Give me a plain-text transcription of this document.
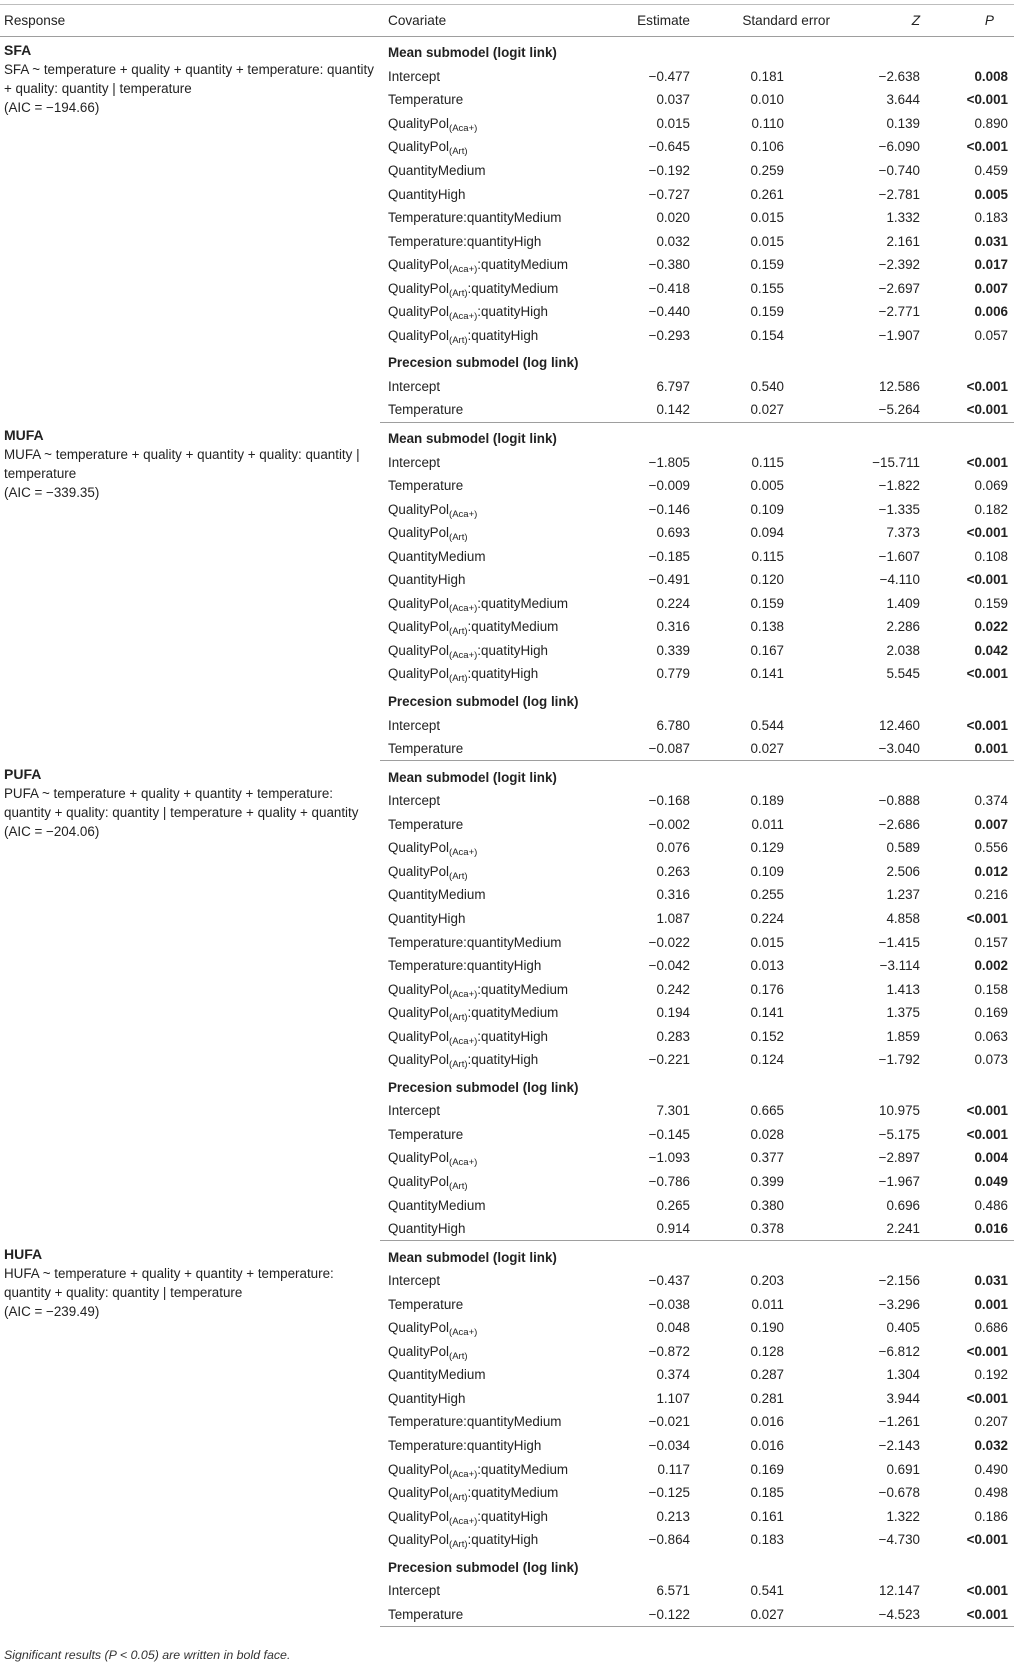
Response	Covariate	Estimate	Standard error	Z	P

SFA
SFA ~ temperature + quality + quantity + temperature: quantity + quality: quantity | temperature
(AIC = −194.66)	Mean submodel (logit link)				
	Intercept	−0.477	0.181	−2.638	0.008
	Temperature	0.037	0.010	3.644	<0.001
	QualityPol$_{(Aca+)}$	0.015	0.110	0.139	0.890
	QualityPol$_{(Art)}$	−0.645	0.106	−6.090	<0.001
	QuantityMedium	−0.192	0.259	−0.740	0.459
	QuantityHigh	−0.727	0.261	−2.781	0.005
	Temperature:quantityMedium	0.020	0.015	1.332	0.183
	Temperature:quantityHigh	0.032	0.015	2.161	0.031
	QualityPol$_{(Aca+)}$:quatityMedium	−0.380	0.159	−2.392	0.017
	QualityPol$_{(Art)}$:quatityMedium	−0.418	0.155	−2.697	0.007
	QualityPol$_{(Aca+)}$:quatityHigh	−0.440	0.159	−2.771	0.006
	QualityPol$_{(Art)}$:quatityHigh	−0.293	0.154	−1.907	0.057
	Precesion submodel (log link)				
	Intercept	6.797	0.540	12.586	<0.001
	Temperature	0.142	0.027	−5.264	<0.001

MUFA
MUFA ~ temperature + quality + quantity + quality: quantity | temperature
(AIC = −339.35)	Mean submodel (logit link)				
	Intercept	−1.805	0.115	−15.711	<0.001
	Temperature	−0.009	0.005	−1.822	0.069
	QualityPol$_{(Aca+)}$	−0.146	0.109	−1.335	0.182
	QualityPol$_{(Art)}$	0.693	0.094	7.373	<0.001
	QuantityMedium	−0.185	0.115	−1.607	0.108
	QuantityHigh	−0.491	0.120	−4.110	<0.001
	QualityPol$_{(Aca+)}$:quatityMedium	0.224	0.159	1.409	0.159
	QualityPol$_{(Art)}$:quatityMedium	0.316	0.138	2.286	0.022
	QualityPol$_{(Aca+)}$:quatityHigh	0.339	0.167	2.038	0.042
	QualityPol$_{(Art)}$:quatityHigh	0.779	0.141	5.545	<0.001
	Precesion submodel (log link)				
	Intercept	6.780	0.544	12.460	<0.001
	Temperature	−0.087	0.027	−3.040	0.001

PUFA
PUFA ~ temperature + quality + quantity + temperature: quantity + quality: quantity | temperature + quality + quantity
(AIC = −204.06)	Mean submodel (logit link)				
	Intercept	−0.168	0.189	−0.888	0.374
	Temperature	−0.002	0.011	−2.686	0.007
	QualityPol$_{(Aca+)}$	0.076	0.129	0.589	0.556
	QualityPol$_{(Art)}$	0.263	0.109	2.506	0.012
	QuantityMedium	0.316	0.255	1.237	0.216
	QuantityHigh	1.087	0.224	4.858	<0.001
	Temperature:quantityMedium	−0.022	0.015	−1.415	0.157
	Temperature:quantityHigh	−0.042	0.013	−3.114	0.002
	QualityPol$_{(Aca+)}$:quatityMedium	0.242	0.176	1.413	0.158
	QualityPol$_{(Art)}$:quatityMedium	0.194	0.141	1.375	0.169
	QualityPol$_{(Aca+)}$:quatityHigh	0.283	0.152	1.859	0.063
	QualityPol$_{(Art)}$:quatityHigh	−0.221	0.124	−1.792	0.073
	Precesion submodel (log link)				
	Intercept	7.301	0.665	10.975	<0.001
	Temperature	−0.145	0.028	−5.175	<0.001
	QualityPol$_{(Aca+)}$	−1.093	0.377	−2.897	0.004
	QualityPol$_{(Art)}$	−0.786	0.399	−1.967	0.049
	QuantityMedium	0.265	0.380	0.696	0.486
	QuantityHigh	0.914	0.378	2.241	0.016

HUFA
HUFA ~ temperature + quality + quantity + temperature: quantity + quality: quantity | temperature
(AIC = −239.49)	Mean submodel (logit link)				
	Intercept	−0.437	0.203	−2.156	0.031
	Temperature	−0.038	0.011	−3.296	0.001
	QualityPol$_{(Aca+)}$	0.048	0.190	0.405	0.686
	QualityPol$_{(Art)}$	−0.872	0.128	−6.812	<0.001
	QuantityMedium	0.374	0.287	1.304	0.192
	QuantityHigh	1.107	0.281	3.944	<0.001
	Temperature:quantityMedium	−0.021	0.016	−1.261	0.207
	Temperature:quantityHigh	−0.034	0.016	−2.143	0.032
	QualityPol$_{(Aca+)}$:quatityMedium	0.117	0.169	0.691	0.490
	QualityPol$_{(Art)}$:quatityMedium	−0.125	0.185	−0.678	0.498
	QualityPol$_{(Aca+)}$:quatityHigh	0.213	0.161	1.322	0.186
	QualityPol$_{(Art)}$:quatityHigh	−0.864	0.183	−4.730	<0.001
	Precesion submodel (log link)				
	Intercept	6.571	0.541	12.147	<0.001
	Temperature	−0.122	0.027	−4.523	<0.001
Significant results (P < 0.05) are written in bold face.
